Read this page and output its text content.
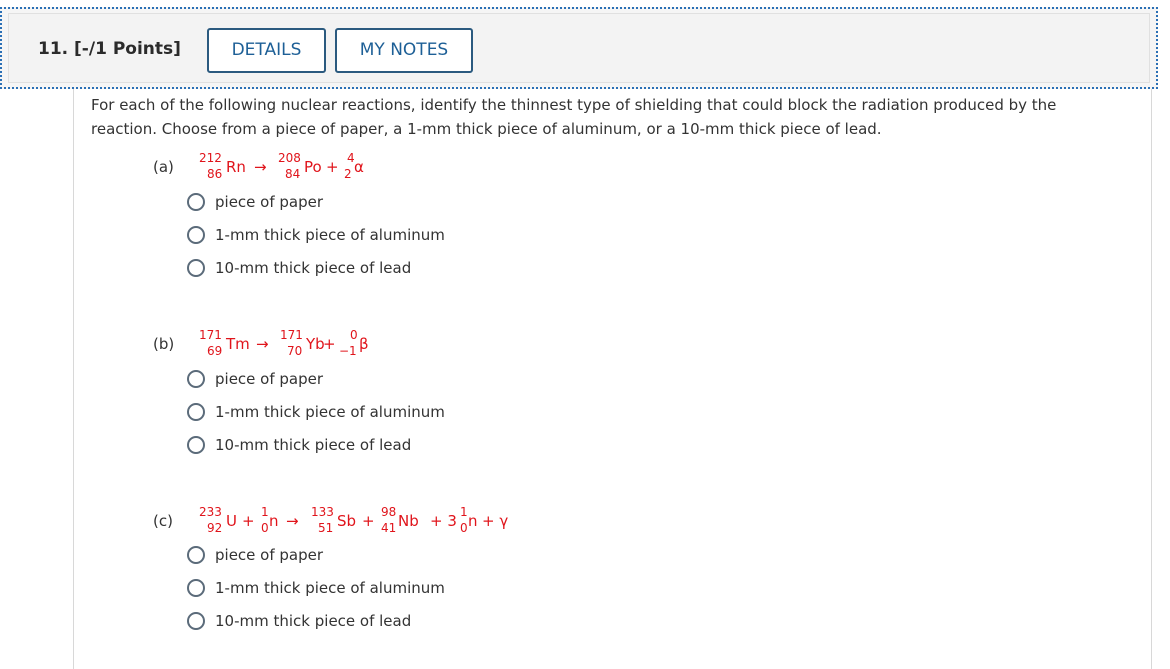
11. [-/1 Points]	DETAILS	MY NOTES
For each of the following nuclear reactions, identify the thinnest type of shielding that could block the radiation produced by the reaction. Choose from a piece of paper, a 1-mm thick piece of aluminum, or a 10-mm thick piece of lead.
(a) 212
86 Rn → 208
84 Po + 4
2 α
piece of paper
1-mm thick piece of aluminum
10-mm thick piece of lead
(b) 171
69 Tm → 171
70 Yb
+ 0
−1 β
piece of paper
1-mm thick piece of aluminum
10-mm thick piece of lead
(c) 233
92 U + 1
0 n → 133
51 Sb + 98
41 Nb + 3 1
0 n + γ
piece of paper
1-mm thick piece of aluminum
10-mm thick piece of lead
